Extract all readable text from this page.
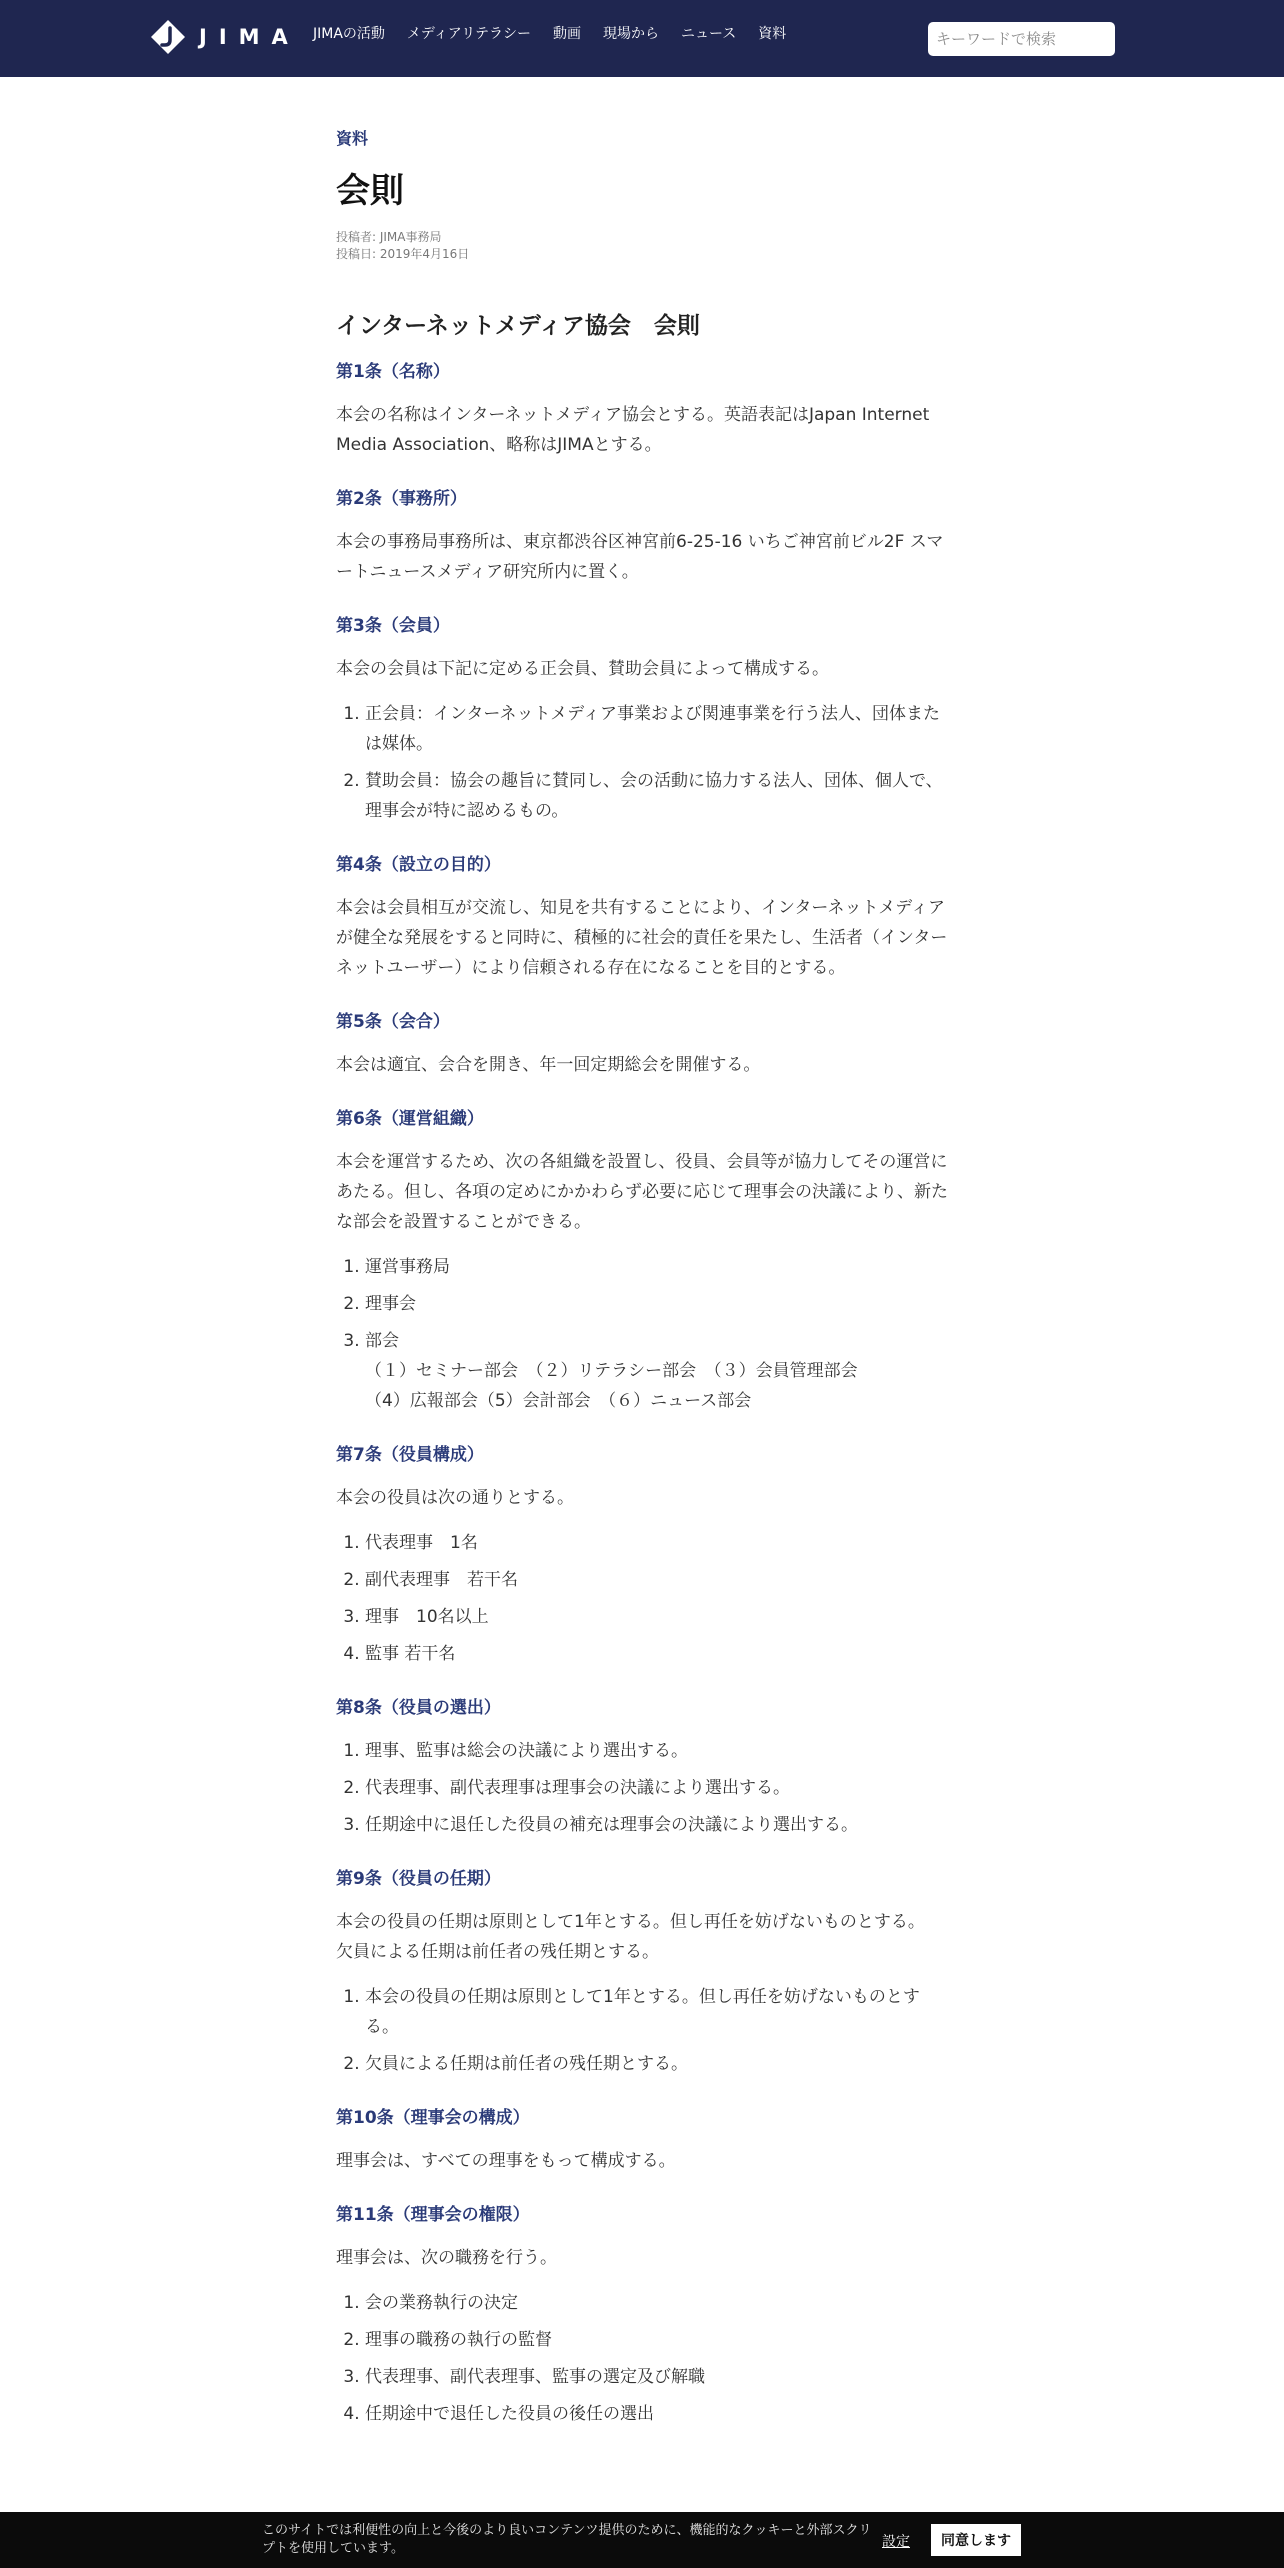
JIMA JIMAの活動 メディアリテラシー 動画 現場から ニュース 資料
キーワードで検索
資料
会則
投稿者: JIMA事務局
投稿日: 2019年4月16日
インターネットメディア協会　会則
第1条（名称）

本会の名称はインターネットメディア協会とする。英語表記はJapan Internet Media Association、略称はJIMAとする。

第2条（事務所）

本会の事務局事務所は、東京都渋谷区神宮前6-25-16 いちご神宮前ビル2F スマートニュースメディア研究所内に置く。

第3条（会員）

本会の会員は下記に定める正会員、賛助会員によって構成する。

1. 正会員：インターネットメディア事業および関連事業を行う法人、団体または媒体。
2. 賛助会員：協会の趣旨に賛同し、会の活動に協力する法人、団体、個人で、理事会が特に認めるもの。
第4条（設立の目的）

本会は会員相互が交流し、知見を共有することにより、インターネットメディアが健全な発展をすると同時に、積極的に社会的責任を果たし、生活者（インターネットユーザー）により信頼される存在になることを目的とする。

第5条（会合）

本会は適宜、会合を開き、年一回定期総会を開催する。

第6条（運営組織）

本会を運営するため、次の各組織を設置し、役員、会員等が協力してその運営にあたる。但し、各項の定めにかかわらず必要に応じて理事会の決議により、新たな部会を設置することができる。

1. 運営事務局
2. 理事会
3. 部会
（１）セミナー部会　（２）リテラシー部会　（３）会員管理部会
（4）広報部会（5）会計部会　（６）ニュース部会
第7条（役員構成）

本会の役員は次の通りとする。

1. 代表理事　1名
2. 副代表理事　若干名
3. 理事　10名以上
4. 監事 若干名
第8条（役員の選出）
1. 理事、監事は総会の決議により選出する。
2. 代表理事、副代表理事は理事会の決議により選出する。
3. 任期途中に退任した役員の補充は理事会の決議により選出する。
第9条（役員の任期）

本会の役員の任期は原則として1年とする。但し再任を妨げないものとする。

欠員による任期は前任者の残任期とする。

1. 本会の役員の任期は原則として1年とする。但し再任を妨げないものとする。
2. 欠員による任期は前任者の残任期とする。
第10条（理事会の構成）

理事会は、すべての理事をもって構成する。

第11条（理事会の権限）

理事会は、次の職務を行う。

1. 会の業務執行の決定
2. 理事の職務の執行の監督
3. 代表理事、副代表理事、監事の選定及び解職
4. 任期途中で退任した役員の後任の選出
このサイトでは利便性の向上と今後のより良いコンテンツ提供のために、機能的なクッキーと外部スクリプトを使用しています。	設定	同意します
